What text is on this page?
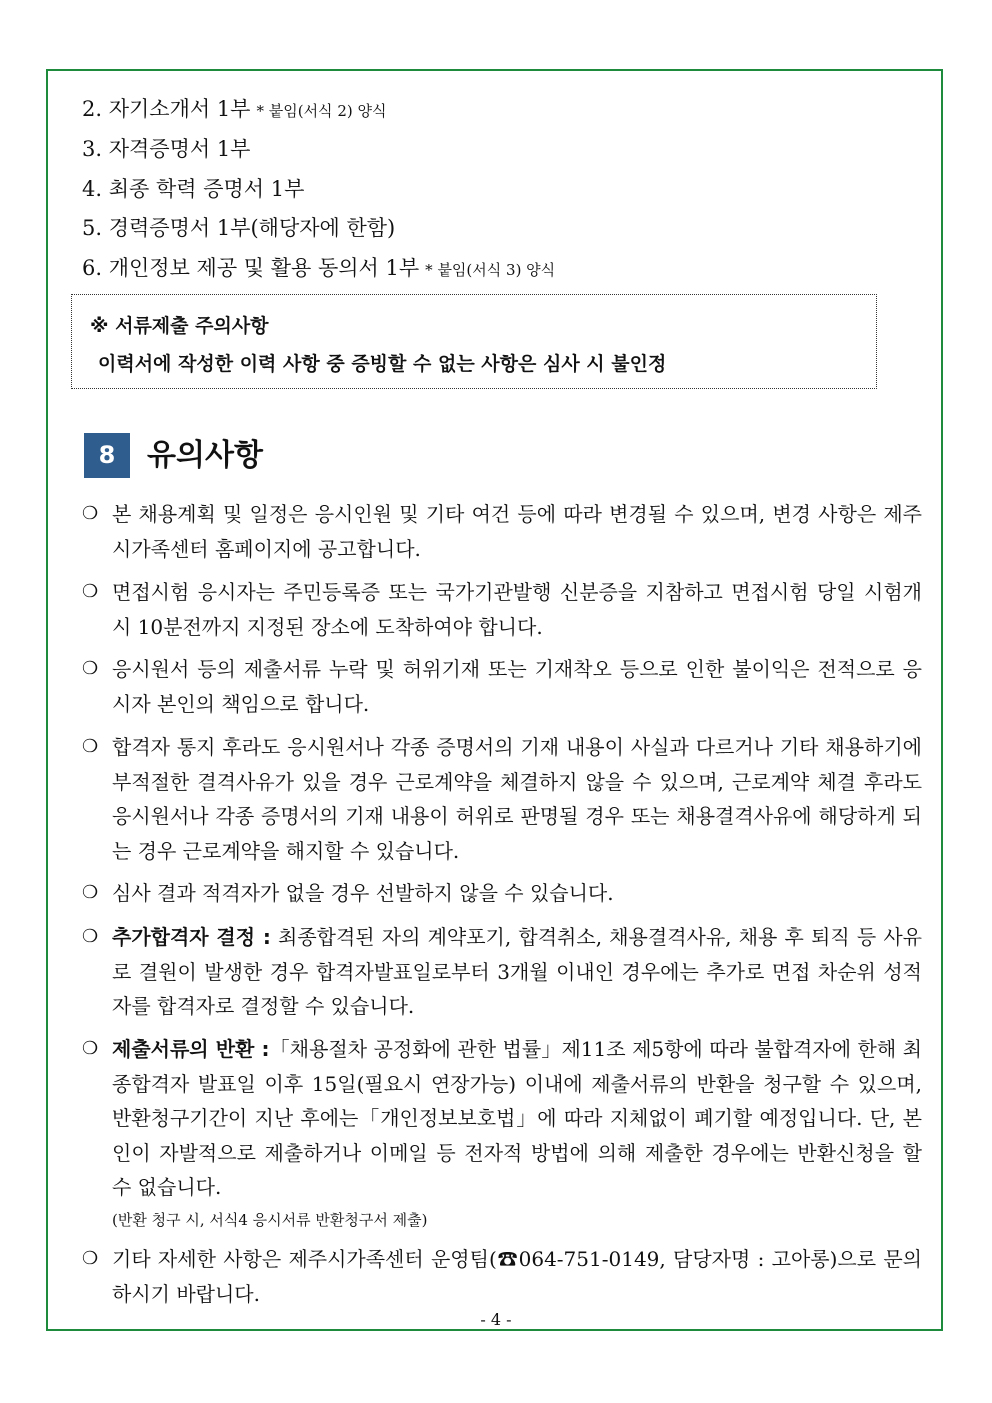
2. 자기소개서 1부 * 붙임(서식 2) 양식
3. 자격증명서 1부
4. 최종 학력 증명서 1부
5. 경력증명서 1부(해당자에 한함)
6. 개인정보 제공 및 활용 동의서 1부 * 붙임(서식 3) 양식
※ 서류제출 주의사항
이력서에 작성한 이력 사항 중 증빙할 수 없는 사항은 심사 시 불인정
8	유의사항
❍ 본 채용계획 및 일정은 응시인원 및 기타 여건 등에 따라 변경될 수 있으며, 변경 사항은 제주시가족센터 홈페이지에 공고합니다.
❍ 면접시험 응시자는 주민등록증 또는 국가기관발행 신분증을 지참하고 면접시험 당일 시험개시 10분전까지 지정된 장소에 도착하여야 합니다.
❍ 응시원서 등의 제출서류 누락 및 허위기재 또는 기재착오 등으로 인한 불이익은 전적으로 응시자 본인의 책임으로 합니다.
❍ 합격자 통지 후라도 응시원서나 각종 증명서의 기재 내용이 사실과 다르거나 기타 채용하기에 부적절한 결격사유가 있을 경우 근로계약을 체결하지 않을 수 있으며, 근로계약 체결 후라도 응시원서나 각종 증명서의 기재 내용이 허위로 판명될 경우 또는 채용결격사유에 해당하게 되는 경우 근로계약을 해지할 수 있습니다.
❍ 심사 결과 적격자가 없을 경우 선발하지 않을 수 있습니다.
❍ 추가합격자 결정 : 최종합격된 자의 계약포기, 합격취소, 채용결격사유, 채용 후 퇴직 등 사유로 결원이 발생한 경우 합격자발표일로부터 3개월 이내인 경우에는 추가로 면접 차순위 성적자를 합격자로 결정할 수 있습니다.
❍ 제출서류의 반환 :「채용절차 공정화에 관한 법률」제11조 제5항에 따라 불합격자에 한해 최종합격자 발표일 이후 15일(필요시 연장가능) 이내에 제출서류의 반환을 청구할 수 있으며, 반환청구기간이 지난 후에는「개인정보보호법」에 따라 지체없이 폐기할 예정입니다. 단, 본인이 자발적으로 제출하거나 이메일 등 전자적 방법에 의해 제출한 경우에는 반환신청을 할 수 없습니다.
(반환 청구 시, 서식4 응시서류 반환청구서 제출)
❍ 기타 자세한 사항은 제주시가족센터 운영팀(☎064-751-0149, 담당자명 : 고아롱)으로 문의하시기 바랍니다.
- 4 -
